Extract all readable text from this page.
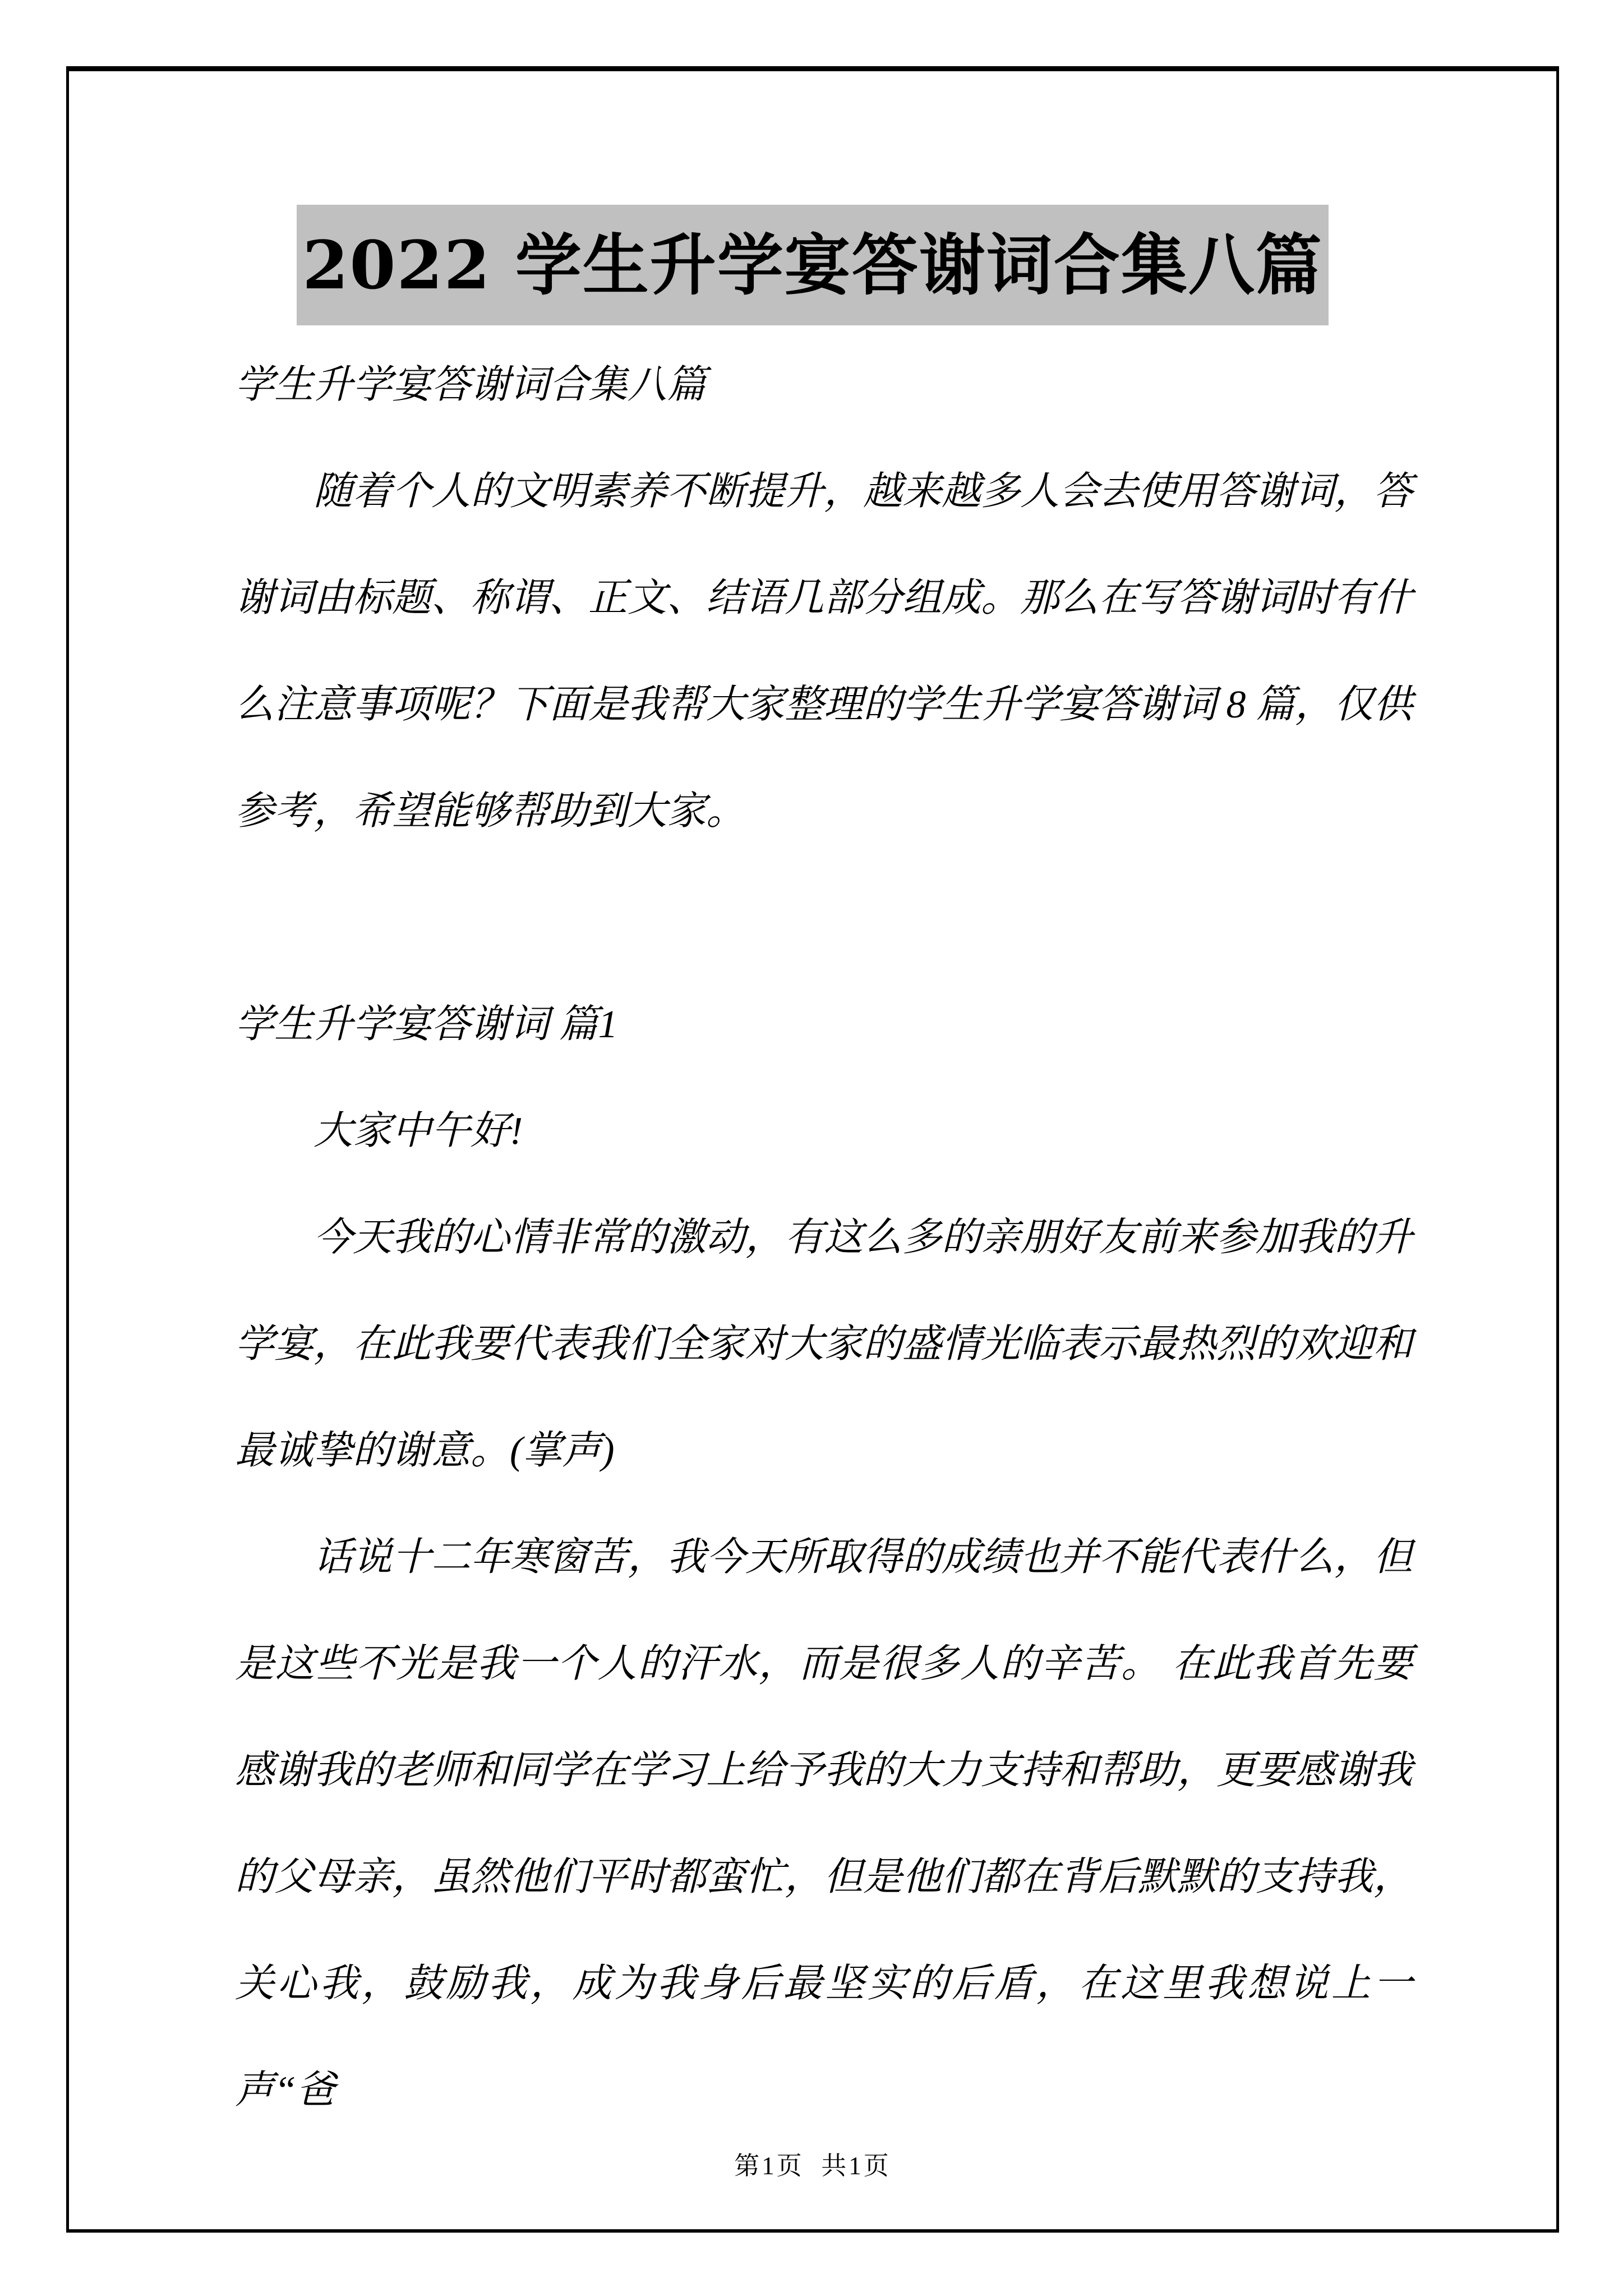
2022 学生升学宴答谢词合集八篇

学生升学宴答谢词合集八篇

随着个人的文明素养不断提升，越来越多人会去使用答谢词，答谢词由标题、称谓、正文、结语几部分组成。那么在写答谢词时有什么注意事项呢？下面是我帮大家整理的学生升学宴答谢词 8 篇，仅供参考，希望能够帮助到大家。

学生升学宴答谢词 篇1

大家中午好!

今天我的心情非常的激动，有这么多的亲朋好友前来参加我的升学宴，在此我要代表我们全家对大家的盛情光临表示最热烈的欢迎和最诚挚的谢意。(掌声)

话说十二年寒窗苦，我今天所取得的成绩也并不能代表什么，但是这些不光是我一个人的汗水，而是很多人的辛苦。 在此我首先要感谢我的老师和同学在学习上给予我的大力支持和帮助，更要感谢我的父母亲，虽然他们平时都蛮忙，但是他们都在背后默默的支持我，关心我，鼓励我，成为我身后最坚实的后盾，在这里我想说上一声“爸

第1页  共1页
